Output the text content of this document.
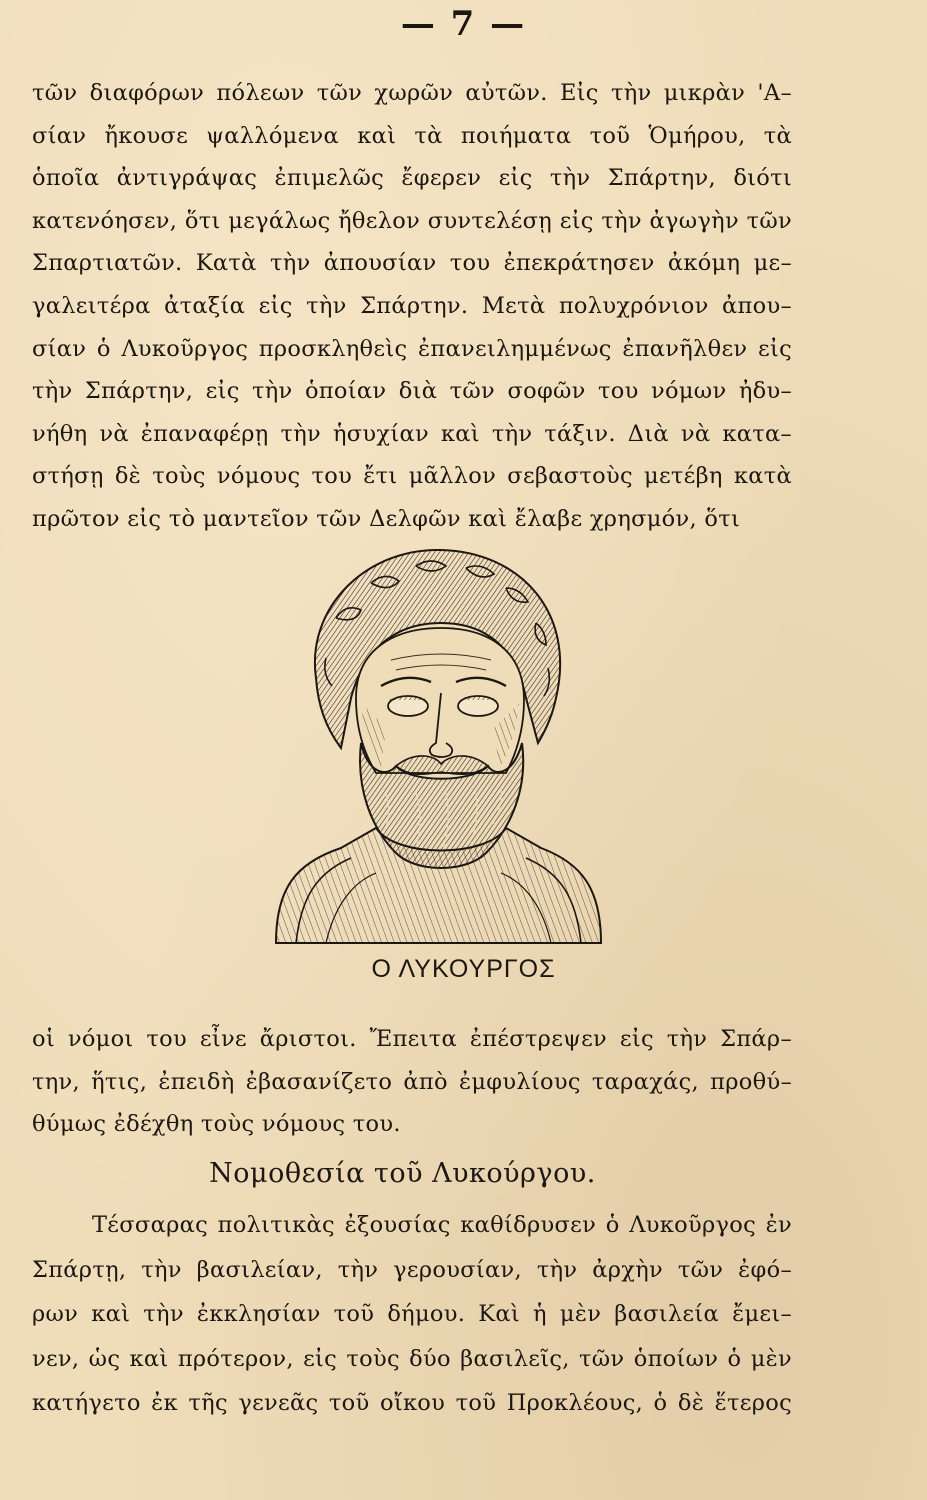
— 7 —
τῶν διαφόρων πόλεων τῶν χωρῶν αὐτῶν. Εἰς τὴν μικρὰν 'Α–
σίαν ἤκουσε ψαλλόμενα καὶ τὰ ποιήματα τοῦ Ὁμήρου, τὰ
ὁποῖα ἀντιγράψας ἐπιμελῶς ἔφερεν εἰς τὴν Σπάρτην, διότι
κατενόησεν, ὅτι μεγάλως ἤθελον συντελέσῃ εἰς τὴν ἀγωγὴν τῶν
Σπαρτιατῶν. Κατὰ τὴν ἀπουσίαν του ἐπεκράτησεν ἀκόμη με–
γαλειτέρα ἀταξία εἰς τὴν Σπάρτην. Μετὰ πολυχρόνιον ἀπου–
σίαν ὁ Λυκοῦργος προσκληθεὶς ἐπανειλημμένως ἐπανῆλθεν εἰς
τὴν Σπάρτην, εἰς τὴν ὁποίαν διὰ τῶν σοφῶν του νόμων ἠδυ–
νήθη νὰ ἐπαναφέρῃ τὴν ἡσυχίαν καὶ τὴν τάξιν. Διὰ νὰ κατα–
στήσῃ δὲ τοὺς νόμους του ἔτι μᾶλλον σεβαστοὺς μετέβη κατὰ
πρῶτον εἰς τὸ μαντεῖον τῶν Δελφῶν καὶ ἔλαβε χρησμόν, ὅτι
Ο ΛΥΚΟΥΡΓΟΣ
οἱ νόμοι του εἶνε ἄριστοι. Ἔπειτα ἐπέστρεψεν εἰς τὴν Σπάρ–
την, ἥτις, ἐπειδὴ ἐβασανίζετο ἀπὸ ἐμφυλίους ταραχάς, προθύ–
θύμως ἐδέχθη τοὺς νόμους του.
Νομοθεσία τοῦ Λυκούργου.
Τέσσαρας πολιτικὰς ἐξουσίας καθίδρυσεν ὁ Λυκοῦργος ἐν
Σπάρτῃ, τὴν βασιλείαν, τὴν γερουσίαν, τὴν ἀρχὴν τῶν ἐφό–
ρων καὶ τὴν ἐκκλησίαν τοῦ δήμου. Καὶ ἡ μὲν βασιλεία ἔμει–
νεν, ὡς καὶ πρότερον, εἰς τοὺς δύο βασιλεῖς, τῶν ὁποίων ὁ μὲν
κατήγετο ἐκ τῆς γενεᾶς τοῦ οἴκου τοῦ Προκλέους, ὁ δὲ ἕτερος
